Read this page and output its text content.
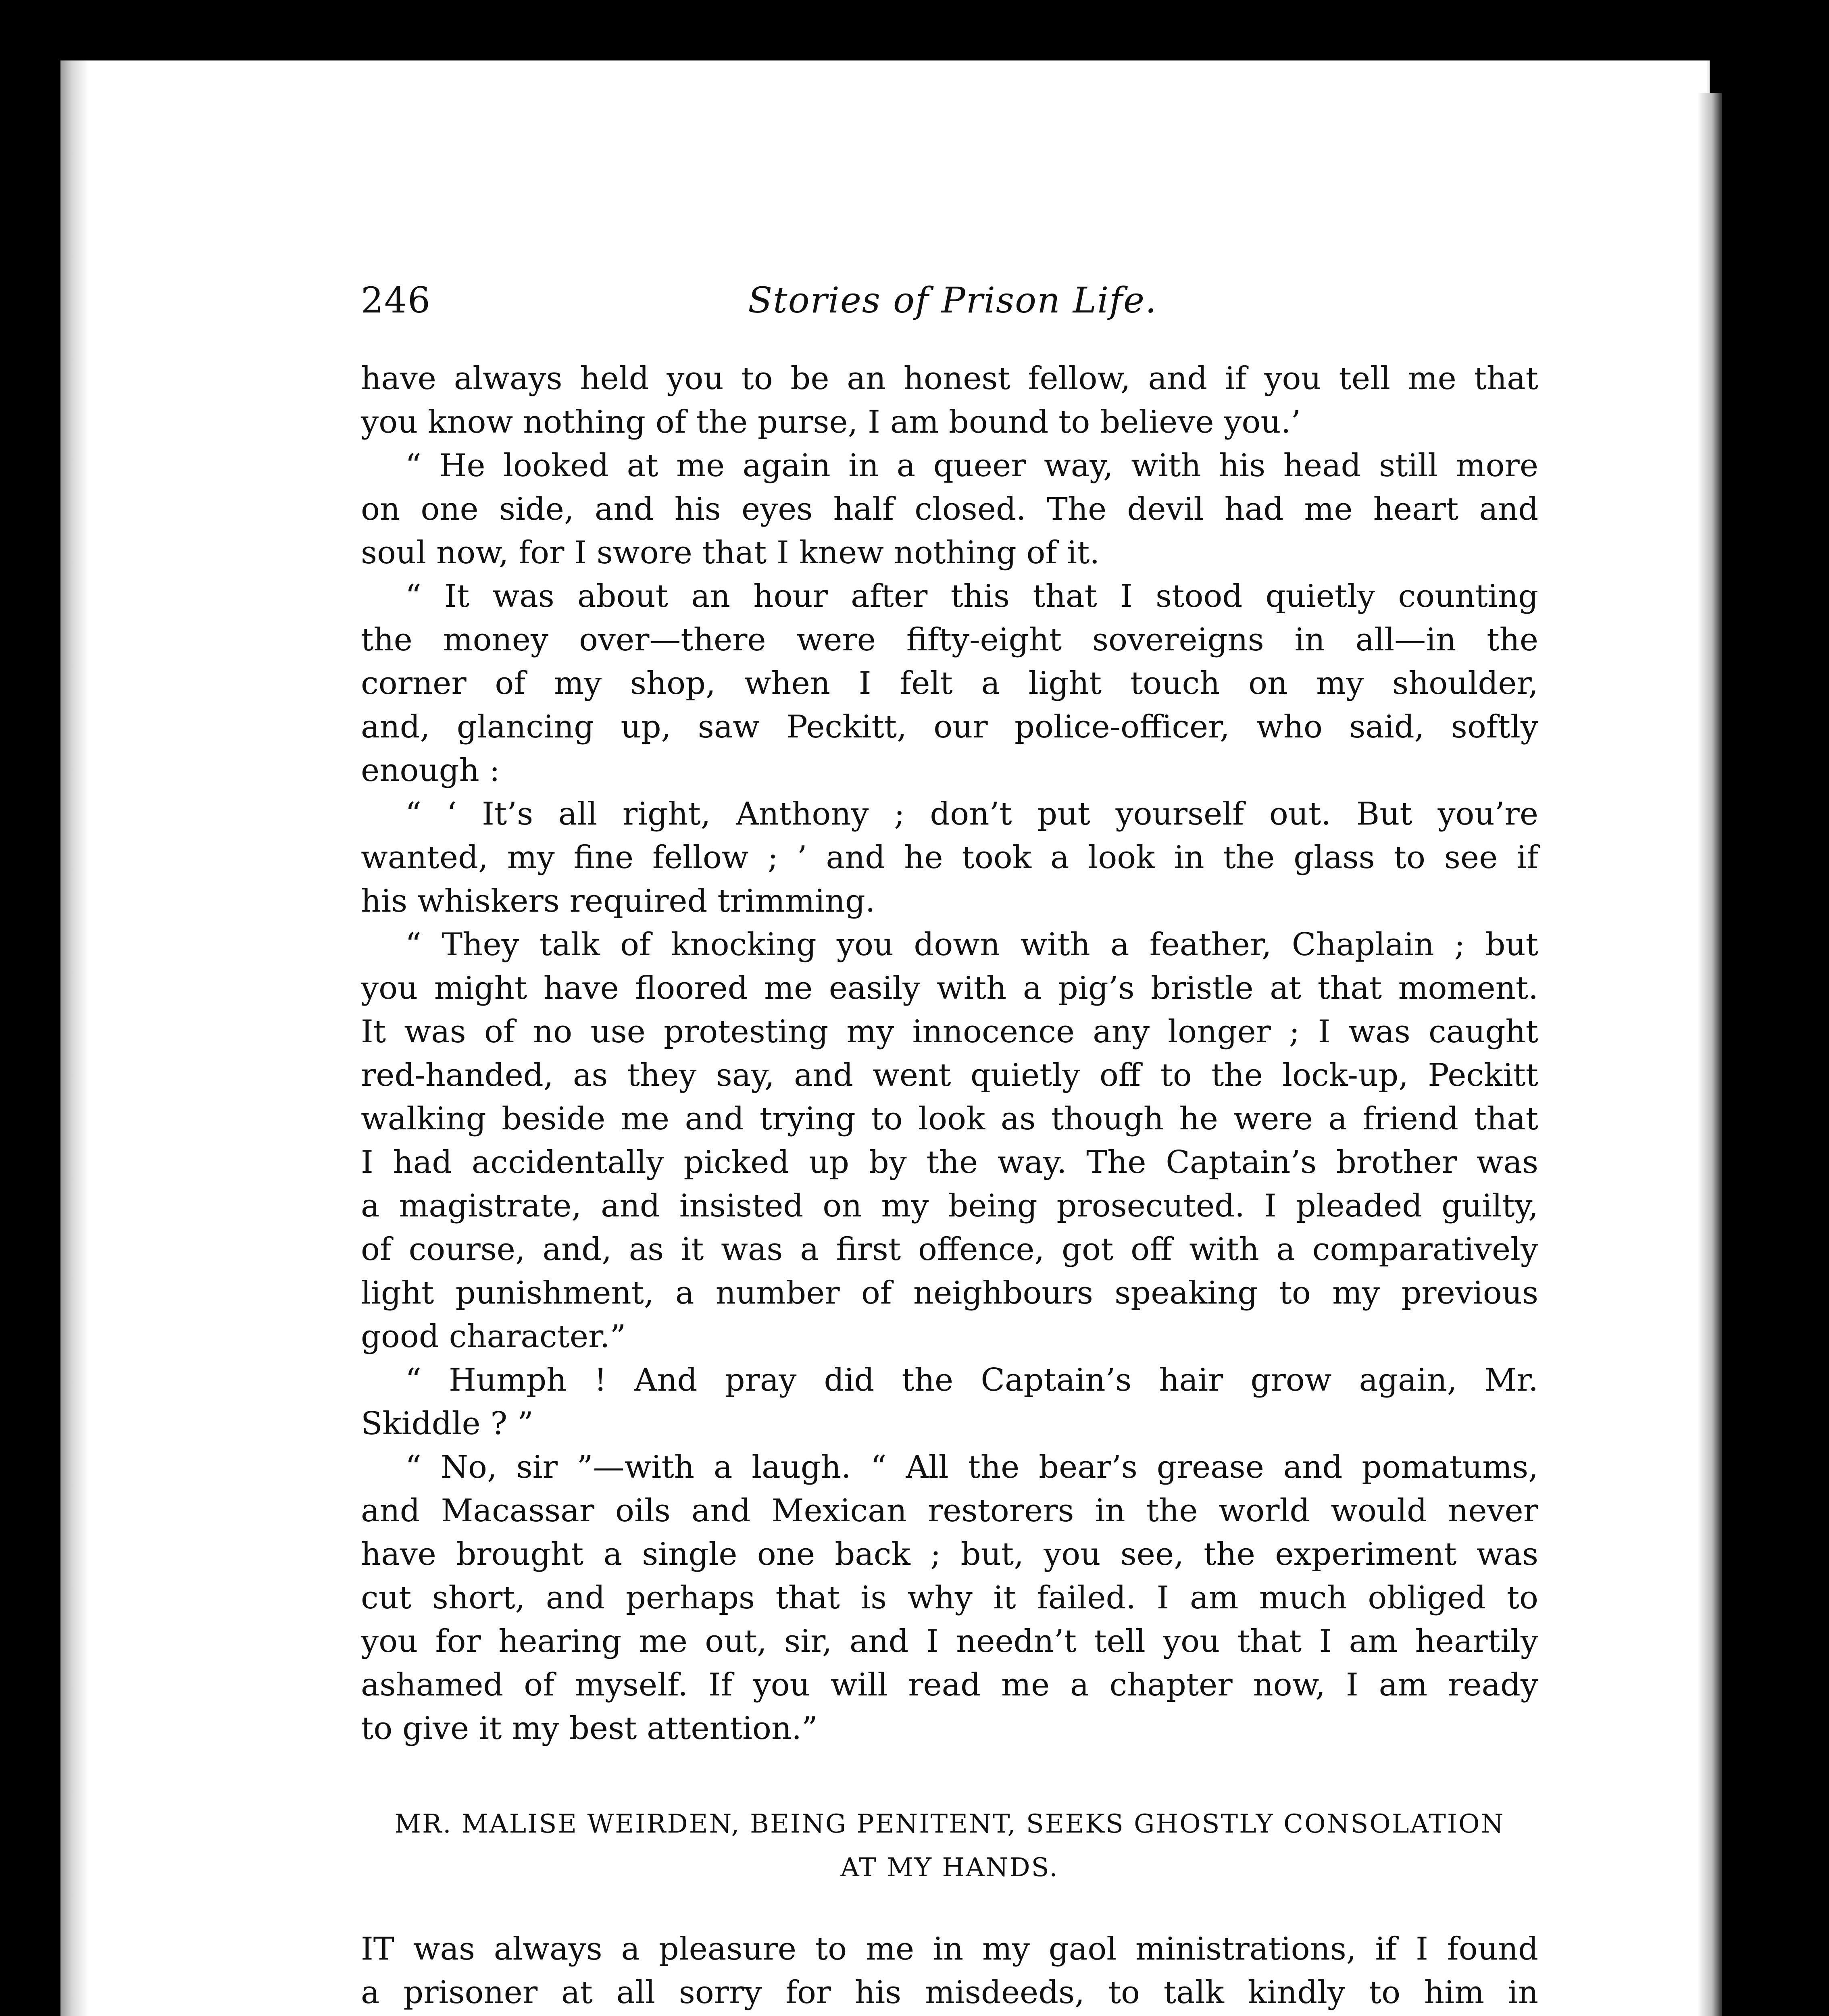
246	Stories of Prison Life.
have always held you to be an honest fellow, and if you tell me that
you know nothing of the purse, I am bound to believe you.’
“ He looked at me again in a queer way, with his head still more
on one side, and his eyes half closed. The devil had me heart and
soul now, for I swore that I knew nothing of it.
“ It was about an hour after this that I stood quietly counting
the money over—there were fifty-eight sovereigns in all—in the
corner of my shop, when I felt a light touch on my shoulder,
and, glancing up, saw Peckitt, our police-officer, who said, softly
enough :
“ ‘ It’s all right, Anthony ; don’t put yourself out. But you’re
wanted, my fine fellow ; ’ and he took a look in the glass to see if
his whiskers required trimming.
“ They talk of knocking you down with a feather, Chaplain ; but
you might have floored me easily with a pig’s bristle at that moment.
It was of no use protesting my innocence any longer ; I was caught
red-handed, as they say, and went quietly off to the lock-up, Peckitt
walking beside me and trying to look as though he were a friend that
I had accidentally picked up by the way. The Captain’s brother was
a magistrate, and insisted on my being prosecuted. I pleaded guilty,
of course, and, as it was a first offence, got off with a comparatively
light punishment, a number of neighbours speaking to my previous
good character.”
“ Humph ! And pray did the Captain’s hair grow again, Mr.
Skiddle ? ”
“ No, sir ”—with a laugh. “ All the bear’s grease and pomatums,
and Macassar oils and Mexican restorers in the world would never
have brought a single one back ; but, you see, the experiment was
cut short, and perhaps that is why it failed. I am much obliged to
you for hearing me out, sir, and I needn’t tell you that I am heartily
ashamed of myself. If you will read me a chapter now, I am ready
to give it my best attention.”
MR. MALISE WEIRDEN, BEING PENITENT, SEEKS GHOSTLY CONSOLATION
AT MY HANDS.
IT was always a pleasure to me in my gaol ministrations, if I found
a prisoner at all sorry for his misdeeds, to talk kindly to him in
